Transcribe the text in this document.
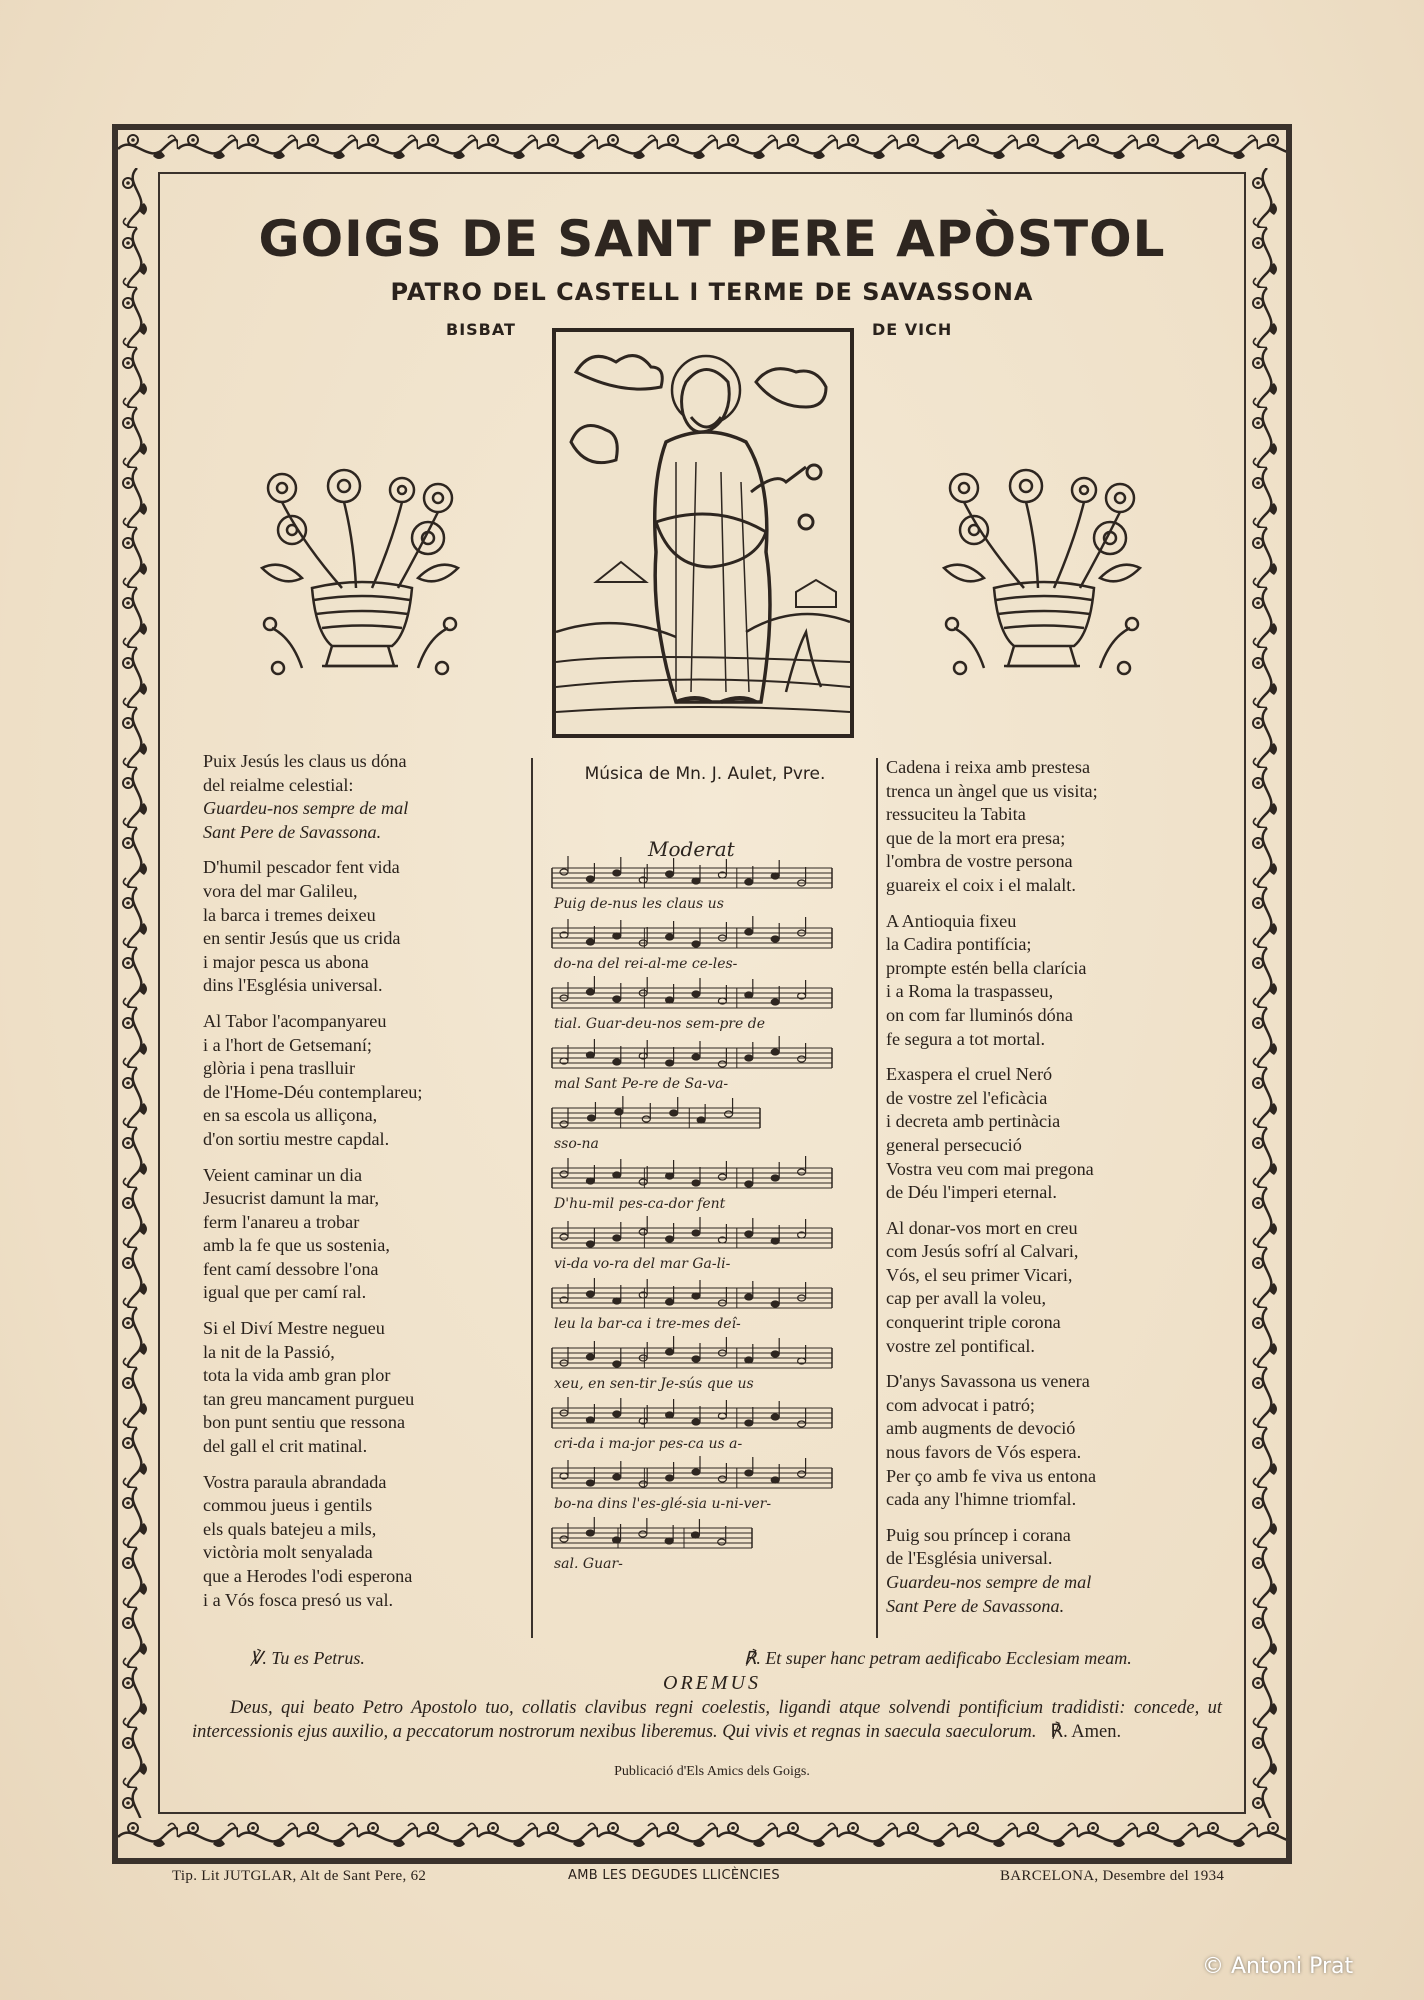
GOIGS DE SANT PERE APÒSTOL
PATRO DEL CASTELL I TERME DE SAVASSONA
BISBAT	DE VICH
Puix Jesús les claus us dóna
del reialme celestial:
Guardeu-nos sempre de mal
Sant Pere de Savassona.
D'humil pescador fent vida
vora del mar Galileu,
la barca i tremes deixeu
en sentir Jesús que us crida
i major pesca us abona
dins l'Església universal.
Al Tabor l'acompanyareu
i a l'hort de Getsemaní;
glòria i pena traslluir
de l'Home-Déu contemplareu;
en sa escola us alliçona,
d'on sortiu mestre capdal.
Veient caminar un dia
Jesucrist damunt la mar,
ferm l'anareu a trobar
amb la fe que us sostenia,
fent camí dessobre l'ona
igual que per camí ral.
Si el Diví Mestre negueu
la nit de la Passió,
tota la vida amb gran plor
tan greu mancament purgueu
bon punt sentiu que ressona
del gall el crit matinal.
Vostra paraula abrandada
commou jueus i gentils
els quals batejeu a mils,
victòria molt senyalada
que a Herodes l'odi esperona
i a Vós fosca presó us val.
Música de Mn. J. Aulet, Pvre.
Moderat
Puig de-nus les claus us
do-na del rei-al-me ce-les-
tial. Guar-deu-nos sem-pre de
mal Sant Pe-re de Sa-va-
sso-na
D'hu-mil pes-ca-dor fent
vi-da vo-ra del mar Ga-li-
leu la bar-ca i tre-mes deî-
xeu, en sen-tir Je-sús que us
cri-da i ma-jor pes-ca us a-
bo-na dins l'es-glé-sia u-ni-ver-
sal. Guar-
Cadena i reixa amb prestesa
trenca un àngel que us visita;
ressuciteu la Tabita
que de la mort era presa;
l'ombra de vostre persona
guareix el coix i el malalt.
A Antioquia fixeu
la Cadira pontifícia;
prompte estén bella clarícia
i a Roma la traspasseu,
on com far lluminós dóna
fe segura a tot mortal.
Exaspera el cruel Neró
de vostre zel l'eficàcia
i decreta amb pertinàcia
general persecució
Vostra veu com mai pregona
de Déu l'imperi eternal.
Al donar-vos mort en creu
com Jesús sofrí al Calvari,
Vós, el seu primer Vicari,
cap per avall la voleu,
conquerint triple corona
vostre zel pontifical.
D'anys Savassona us venera
com advocat i patró;
amb augments de devoció
nous favors de Vós espera.
Per ço amb fe viva us entona
cada any l'himne triomfal.
Puig sou príncep i corana
de l'Església universal.
Guardeu-nos sempre de mal
Sant Pere de Savassona.
℣. Tu es Petrus.	℟. Et super hanc petram aedificabo Ecclesiam meam.
OREMUS
Deus, qui beato Petro Apostolo tuo, collatis clavibus regni coelestis, ligandi atque solvendi pontificium tradidisti: concede, ut intercessionis ejus auxilio, a peccatorum nostrorum nexibus liberemus. Qui vivis et regnas in saecula saeculorum. ℟. Amen.
Publicació d'Els Amics dels Goigs.
Tip. Lit JUTGLAR, Alt de Sant Pere, 62	AMB LES DEGUDES LLICÈNCIES	BARCELONA, Desembre del 1934
© Antoni Prat
